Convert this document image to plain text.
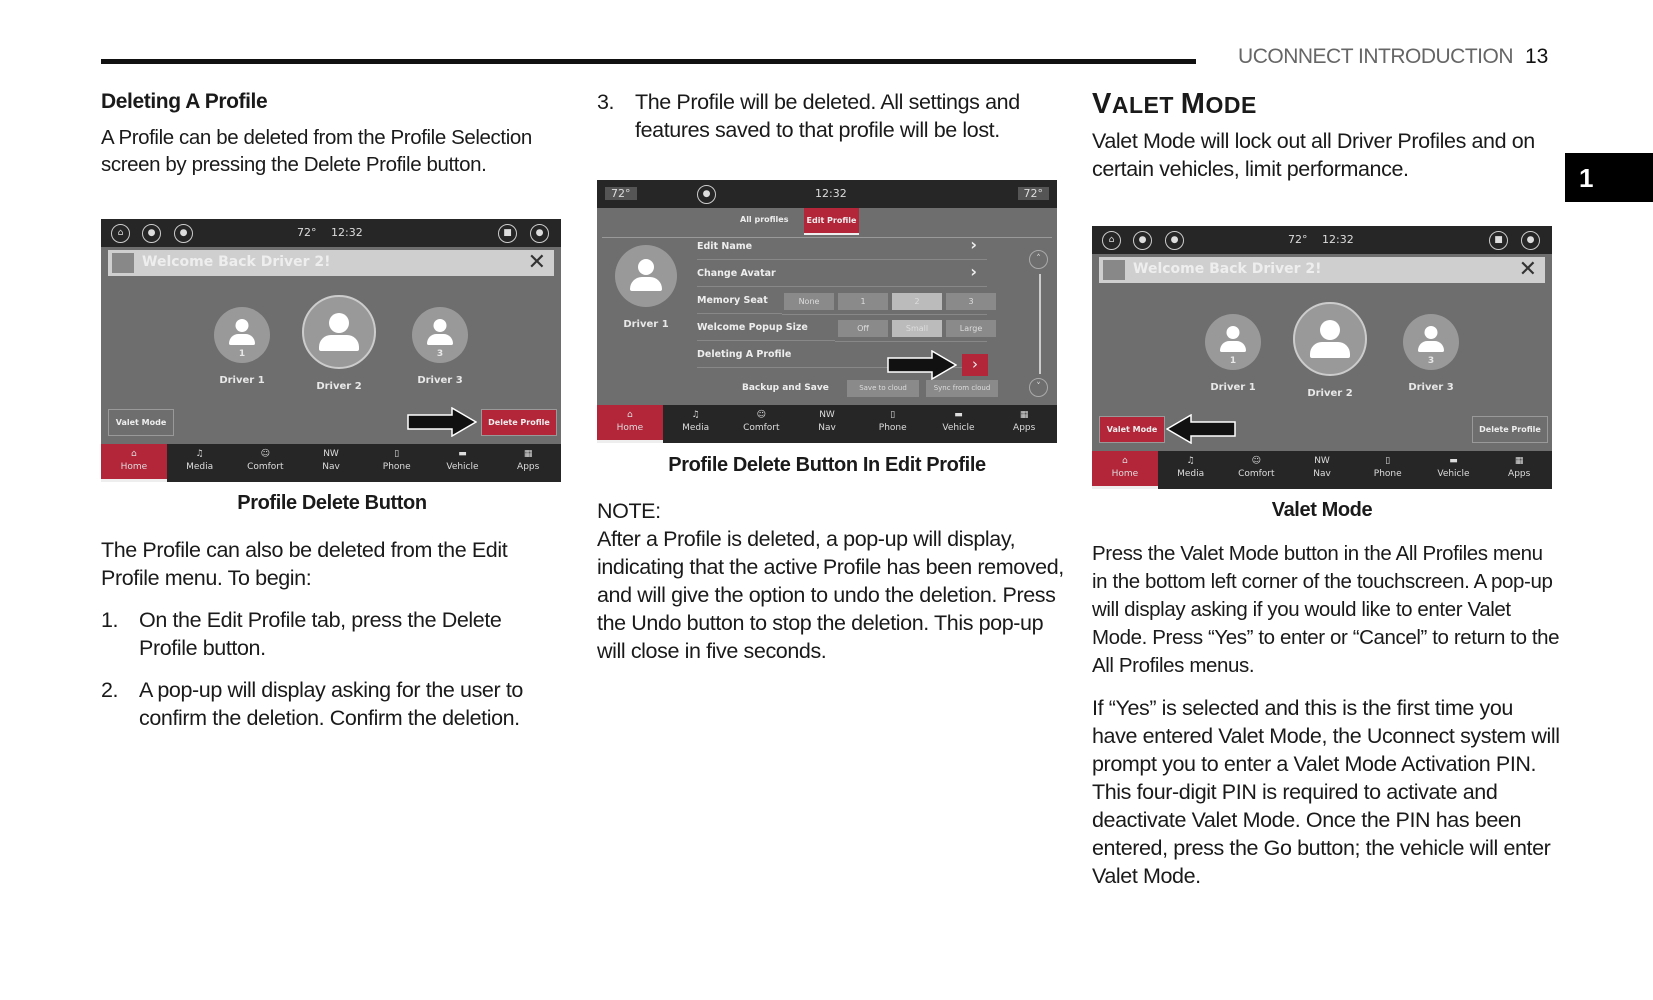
UCONNECT INTRODUCTION 13
1
Deleting A Profile

A Profile can be deleted from the Profile Selection screen by pressing the Delete Profile button.

Profile Delete Button

The Profile can also be deleted from the Edit Profile menu. To begin:

1. On the Edit Profile tab, press the Delete Profile button.
2. A pop-up will display asking for the user to confirm the deletion. Confirm the deletion.
3. The Profile will be deleted. All settings and features saved to that profile will be lost.
Profile Delete Button In Edit Profile
NOTE:

After a Profile is deleted, a pop-up will display, indicating that the active Profile has been removed, and will give the option to undo the deletion. Press the Undo button to stop the deletion. This pop-up will close in five seconds.

VALET MODE

Valet Mode will lock out all Driver Profiles and on certain vehicles, limit performance.

Valet Mode

Press the Valet Mode button in the All Profiles menu in the bottom left corner of the touchscreen. A pop-up will display asking if you would like to enter Valet Mode. Press “Yes” to enter or “Cancel” to return to the All Profiles menus.

If “Yes” is selected and this is the first time you have entered Valet Mode, the Uconnect system will prompt you to enter a Valet Mode Activation PIN. This four-digit PIN is required to activate and deactivate Valet Mode. Once the PIN has been entered, press the Go button; the vehicle will enter Valet Mode.

⌂	●	●	72° 12:32	■	●
Welcome Back Driver 2!	✕
1
Driver 1
Driver 2
3
Driver 3
Valet Mode	Delete Profile
⌂
Home
♫
Media
☺
Comfort
NW
Nav
▯
Phone
▬
Vehicle
▦
Apps
⌂	●	●	72° 12:32	■	●
Welcome Back Driver 2!	✕
1
Driver 1
Driver 2
3
Driver 3
Valet Mode	Delete Profile
⌂
Home
♫
Media
☺
Comfort
NW
Nav
▯
Phone
▬
Vehicle
▦
Apps
72°	●	12:32	72°
All profiles	Edit Profile
Driver 1
Edit Name	›
Change Avatar	›
Memory Seat	None	1	2	3
Welcome Popup Size	Off	Small	Large
Deleting A Profile
›
Backup and Save	Save to cloud	Sync from cloud
˄
˅
⌂
Home
♫
Media
☺
Comfort
NW
Nav
▯
Phone
▬
Vehicle
▦
Apps
